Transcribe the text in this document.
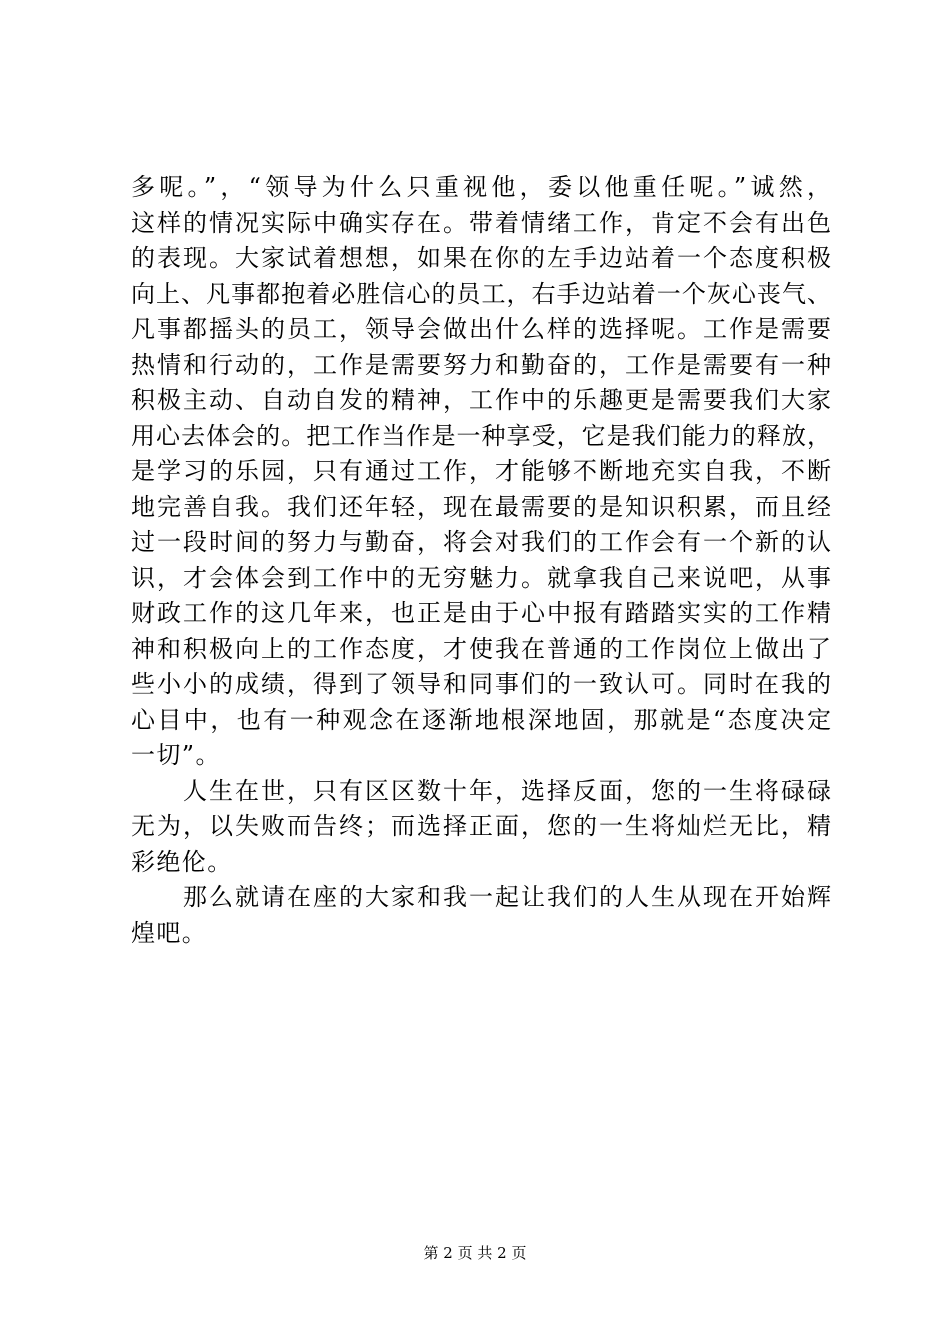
多呢。”，“领导为什么只重视他，委以他重任呢。”诚然，
这样的情况实际中确实存在。带着情绪工作，肯定不会有出色
的表现。大家试着想想，如果在你的左手边站着一个态度积极
向上、凡事都抱着必胜信心的员工，右手边站着一个灰心丧气、
凡事都摇头的员工，领导会做出什么样的选择呢。工作是需要
热情和行动的，工作是需要努力和勤奋的，工作是需要有一种
积极主动、自动自发的精神，工作中的乐趣更是需要我们大家
用心去体会的。把工作当作是一种享受，它是我们能力的释放，
是学习的乐园，只有通过工作，才能够不断地充实自我，不断
地完善自我。我们还年轻，现在最需要的是知识积累，而且经
过一段时间的努力与勤奋，将会对我们的工作会有一个新的认
识，才会体会到工作中的无穷魅力。就拿我自己来说吧，从事
财政工作的这几年来，也正是由于心中报有踏踏实实的工作精
神和积极向上的工作态度，才使我在普通的工作岗位上做出了
些小小的成绩，得到了领导和同事们的一致认可。同时在我的
心目中，也有一种观念在逐渐地根深地固，那就是“态度决定
一切”。
　　人生在世，只有区区数十年，选择反面，您的一生将碌碌
无为，以失败而告终；而选择正面，您的一生将灿烂无比，精
彩绝伦。
　　那么就请在座的大家和我一起让我们的人生从现在开始辉
煌吧。
第 2 页 共 2 页
